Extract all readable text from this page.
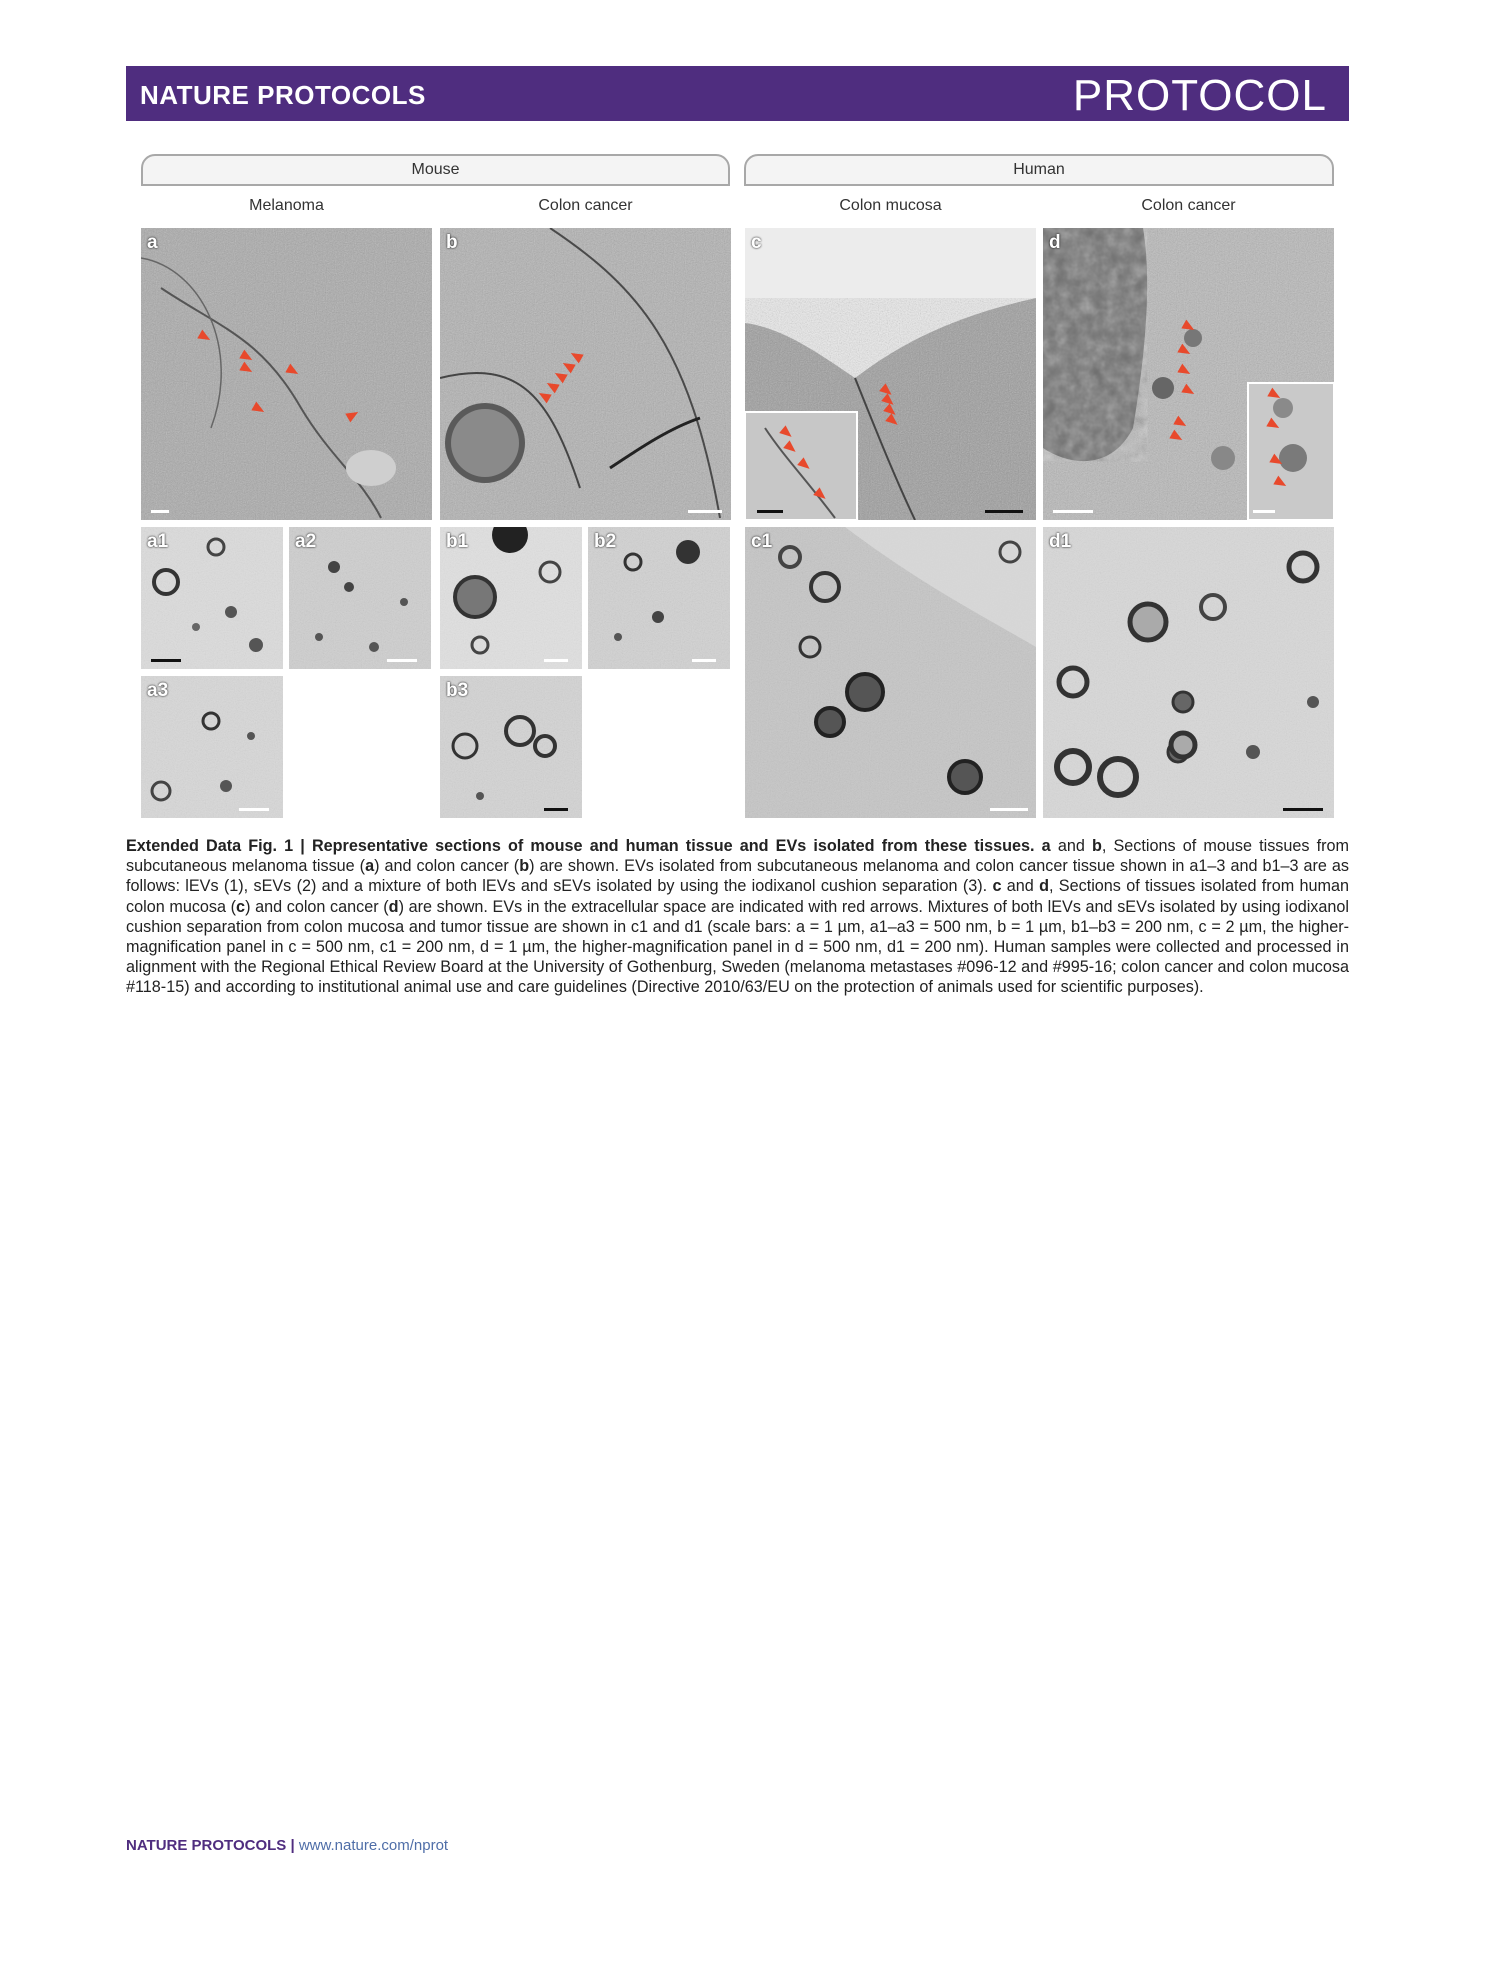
NATURE PROTOCOLS	PROTOCOL
Mouse	Human
Melanoma	Colon cancer	Colon mucosa	Colon cancer
a	b	c	d
a1	a2	b1	b2
a3	b3
c1	d1
Extended Data Fig. 1 | Representative sections of mouse and human tissue and EVs isolated from these tissues. a and b, Sections of mouse tissues from subcutaneous melanoma tissue (a) and colon cancer (b) are shown. EVs isolated from subcutaneous melanoma and colon cancer tissue shown in a1–3 and b1–3 are as follows: lEVs (1), sEVs (2) and a mixture of both lEVs and sEVs isolated by using the iodixanol cushion separation (3). c and d, Sections of tissues isolated from human colon mucosa (c) and colon cancer (d) are shown. EVs in the extracellular space are indicated with red arrows. Mixtures of both lEVs and sEVs isolated by using iodixanol cushion separation from colon mucosa and tumor tissue are shown in c1 and d1 (scale bars: a = 1 µm, a1–a3 = 500 nm, b = 1 µm, b1–b3 = 200 nm, c = 2 µm, the higher-magnification panel in c = 500 nm, c1 = 200 nm, d = 1 µm, the higher-magnification panel in d = 500 nm, d1 = 200 nm). Human samples were collected and processed in alignment with the Regional Ethical Review Board at the University of Gothenburg, Sweden (melanoma metastases #096-12 and #995-16; colon cancer and colon mucosa #118-15) and according to institutional animal use and care guidelines (Directive 2010/63/EU on the protection of animals used for scientific purposes).
NATURE PROTOCOLS | www.nature.com/nprot
